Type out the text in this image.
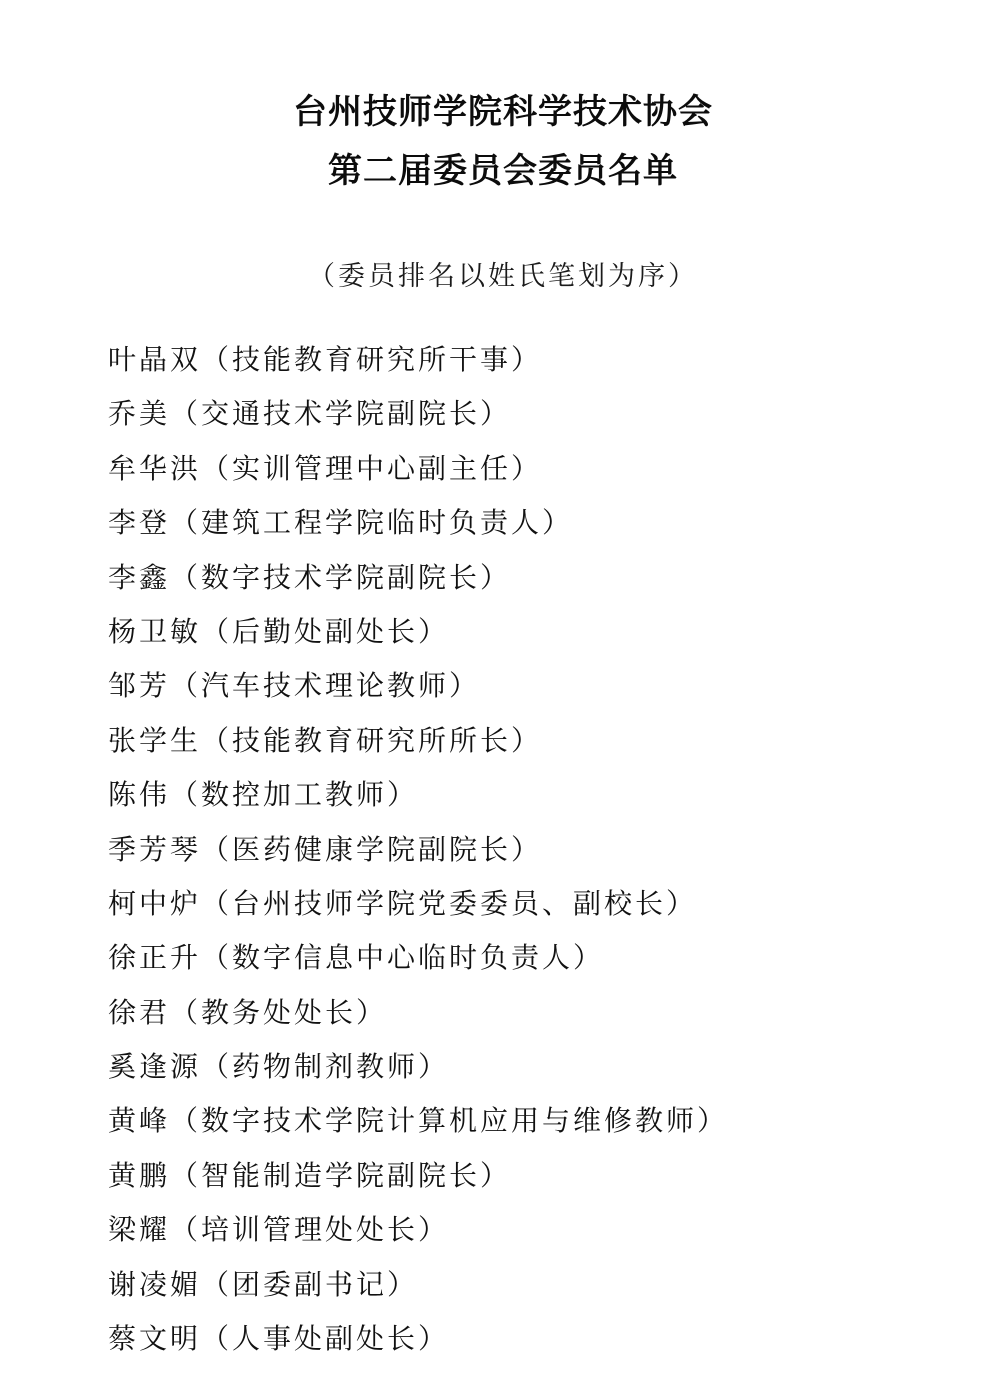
台州技师学院科学技术协会
第二届委员会委员名单
（委员排名以姓氏笔划为序）
叶晶双（技能教育研究所干事）
乔美（交通技术学院副院长）
牟华洪（实训管理中心副主任）
李登（建筑工程学院临时负责人）
李鑫（数字技术学院副院长）
杨卫敏（后勤处副处长）
邹芳（汽车技术理论教师）
张学生（技能教育研究所所长）
陈伟（数控加工教师）
季芳琴（医药健康学院副院长）
柯中炉（台州技师学院党委委员、副校长）
徐正升（数字信息中心临时负责人）
徐君（教务处处长）
奚逢源（药物制剂教师）
黄峰（数字技术学院计算机应用与维修教师）
黄鹏（智能制造学院副院长）
梁耀（培训管理处处长）
谢凌媚（团委副书记）
蔡文明（人事处副处长）
